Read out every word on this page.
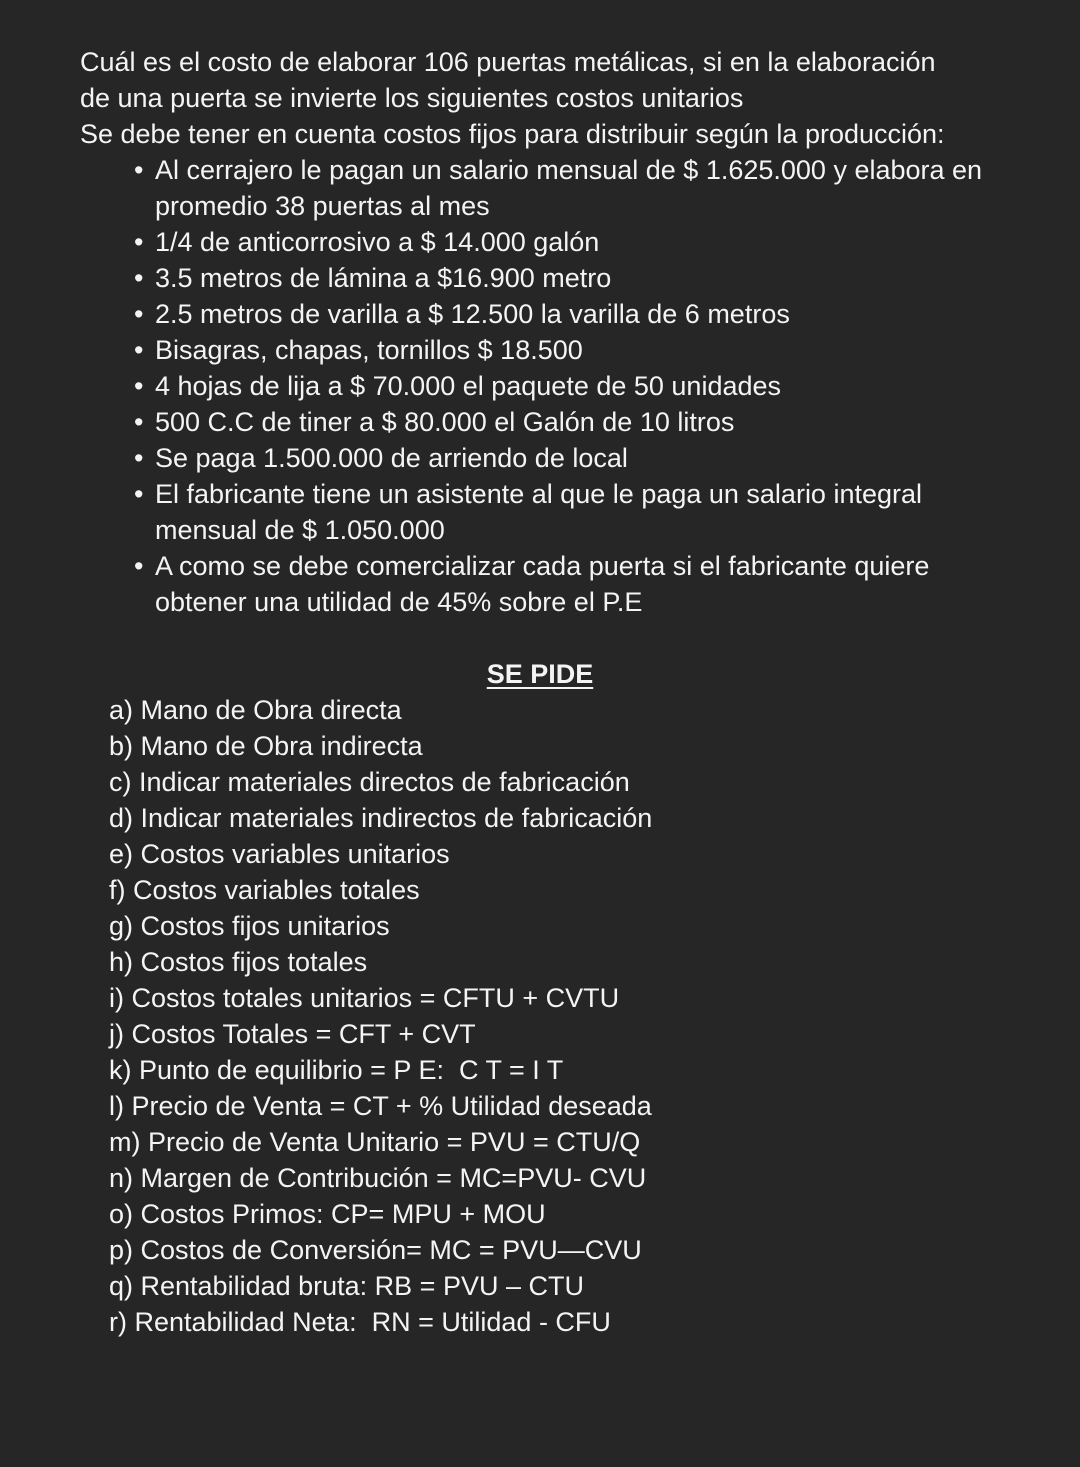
Cuál es el costo de elaborar 106 puertas metálicas, si en la elaboración

de una puerta se invierte los siguientes costos unitarios

Se debe tener en cuenta costos fijos para distribuir según la producción:

• Al cerrajero le pagan un salario mensual de $ 1.625.000 y elabora en
promedio 38 puertas al mes
• 1/4 de anticorrosivo a $ 14.000 galón
• 3.5 metros de lámina a $16.900 metro
• 2.5 metros de varilla a $ 12.500 la varilla de 6 metros
• Bisagras, chapas, tornillos $ 18.500
• 4 hojas de lija a $ 70.000 el paquete de 50 unidades
• 500 C.C de tiner a $ 80.000 el Galón de 10 litros
• Se paga 1.500.000 de arriendo de local
• El fabricante tiene un asistente al que le paga un salario integral
mensual de $ 1.050.000
• A como se debe comercializar cada puerta si el fabricante quiere
obtener una utilidad de 45% sobre el P.E
SE PIDE
a) Mano de Obra directa
b) Mano de Obra indirecta
c) Indicar materiales directos de fabricación
d) Indicar materiales indirectos de fabricación
e) Costos variables unitarios
f) Costos variables totales
g) Costos fijos unitarios
h) Costos fijos totales
i) Costos totales unitarios = CFTU + CVTU
j) Costos Totales = CFT + CVT
k) Punto de equilibrio = P E:  C T = I T
l) Precio de Venta = CT + % Utilidad deseada
m) Precio de Venta Unitario = PVU = CTU/Q
n) Margen de Contribución = MC=PVU- CVU
o) Costos Primos: CP= MPU + MOU
p) Costos de Conversión= MC = PVU—CVU
q) Rentabilidad bruta: RB = PVU – CTU
r) Rentabilidad Neta:  RN = Utilidad - CFU
